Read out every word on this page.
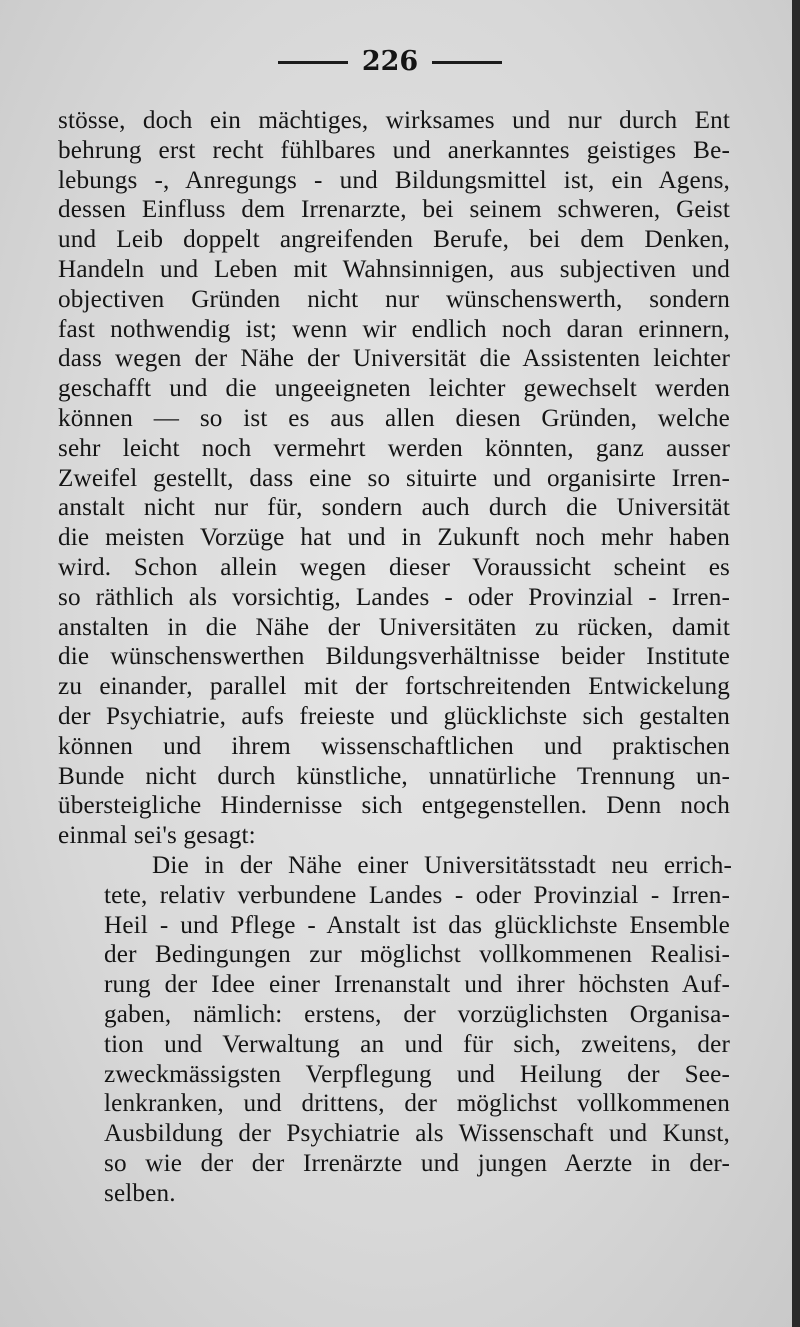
226
stösse, doch ein mächtiges, wirksames und nur durch Ent
behrung erst recht fühlbares und anerkanntes geistiges Be-
lebungs -, Anregungs - und Bildungsmittel ist, ein Agens,
dessen Einfluss dem Irrenarzte, bei seinem schweren, Geist
und Leib doppelt angreifenden Berufe, bei dem Denken,
Handeln und Leben mit Wahnsinnigen, aus subjectiven und
objectiven Gründen nicht nur wünschenswerth, sondern
fast nothwendig ist; wenn wir endlich noch daran erinnern,
dass wegen der Nähe der Universität die Assistenten leichter
geschafft und die ungeeigneten leichter gewechselt werden
können — so ist es aus allen diesen Gründen, welche
sehr leicht noch vermehrt werden könnten, ganz ausser
Zweifel gestellt, dass eine so situirte und organisirte Irren-
anstalt nicht nur für, sondern auch durch die Universität
die meisten Vorzüge hat und in Zukunft noch mehr haben
wird. Schon allein wegen dieser Voraussicht scheint es
so räthlich als vorsichtig, Landes - oder Provinzial - Irren-
anstalten in die Nähe der Universitäten zu rücken, damit
die wünschenswerthen Bildungsverhältnisse beider Institute
zu einander, parallel mit der fortschreitenden Entwickelung
der Psychiatrie, aufs freieste und glücklichste sich gestalten
können und ihrem wissenschaftlichen und praktischen
Bunde nicht durch künstliche, unnatürliche Trennung un-
übersteigliche Hindernisse sich entgegenstellen. Denn noch
einmal sei's gesagt:
Die in der Nähe einer Universitätsstadt neu errich-
tete, relativ verbundene Landes - oder Provinzial - Irren-
Heil - und Pflege - Anstalt ist das glücklichste Ensemble
der Bedingungen zur möglichst vollkommenen Realisi-
rung der Idee einer Irrenanstalt und ihrer höchsten Auf-
gaben, nämlich: erstens, der vorzüglichsten Organisa-
tion und Verwaltung an und für sich, zweitens, der
zweckmässigsten Verpflegung und Heilung der See-
lenkranken, und drittens, der möglichst vollkommenen
Ausbildung der Psychiatrie als Wissenschaft und Kunst,
so wie der der Irrenärzte und jungen Aerzte in der-
selben.
